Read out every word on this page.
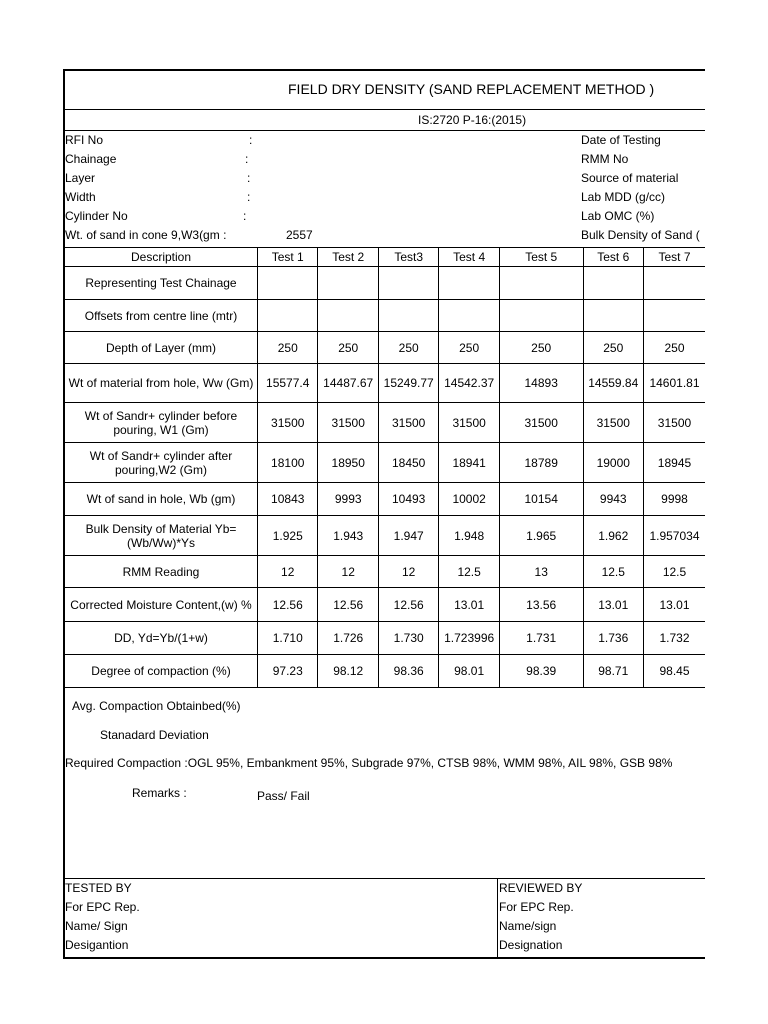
FIELD DRY DENSITY (SAND REPLACEMENT METHOD )
IS:2720 P-16:(2015)
RFI No	:
Chainage	:
Layer	:
Width	:
Cylinder No	:
Wt. of sand in cone 9,W3(gm :	2557
Date of Testing
RMM No
Source of material
Lab MDD (g/cc)
Lab OMC (%)
Bulk Density of Sand (
Description	Test 1	Test 2	Test3	Test 4	Test 5	Test 6	Test 7
Representing Test Chainage							
Offsets from centre line (mtr)							
Depth of Layer (mm)	250	250	250	250	250	250	250
Wt of material from hole, Ww (Gm)	15577.4	14487.67	15249.77	14542.37	14893	14559.84	14601.81
Wt of Sandr+ cylinder before pouring, W1 (Gm)	31500	31500	31500	31500	31500	31500	31500
Wt of Sandr+ cylinder after pouring,W2 (Gm)	18100	18950	18450	18941	18789	19000	18945
Wt of sand in hole, Wb (gm)	10843	9993	10493	10002	10154	9943	9998
Bulk Density of Material Yb=(Wb/Ww)*Ys	1.925	1.943	1.947	1.948	1.965	1.962	1.957034
RMM Reading	12	12	12	12.5	13	12.5	12.5
Corrected Moisture Content,(w) %	12.56	12.56	12.56	13.01	13.56	13.01	13.01
DD, Yd=Yb/(1+w)	1.710	1.726	1.730	1.723996	1.731	1.736	1.732
Degree of compaction (%)	97.23	98.12	98.36	98.01	98.39	98.71	98.45
Avg. Compaction Obtainbed(%)
Stanadard Deviation
Required Compaction :OGL 95%, Embankment 95%, Subgrade 97%, CTSB 98%, WMM 98%, AIL 98%, GSB 98%
Remarks :	Pass/ Fail
TESTED BY
For EPC Rep.
Name/ Sign
Desigantion
REVIEWED BY
For EPC Rep.
Name/sign
Designation
